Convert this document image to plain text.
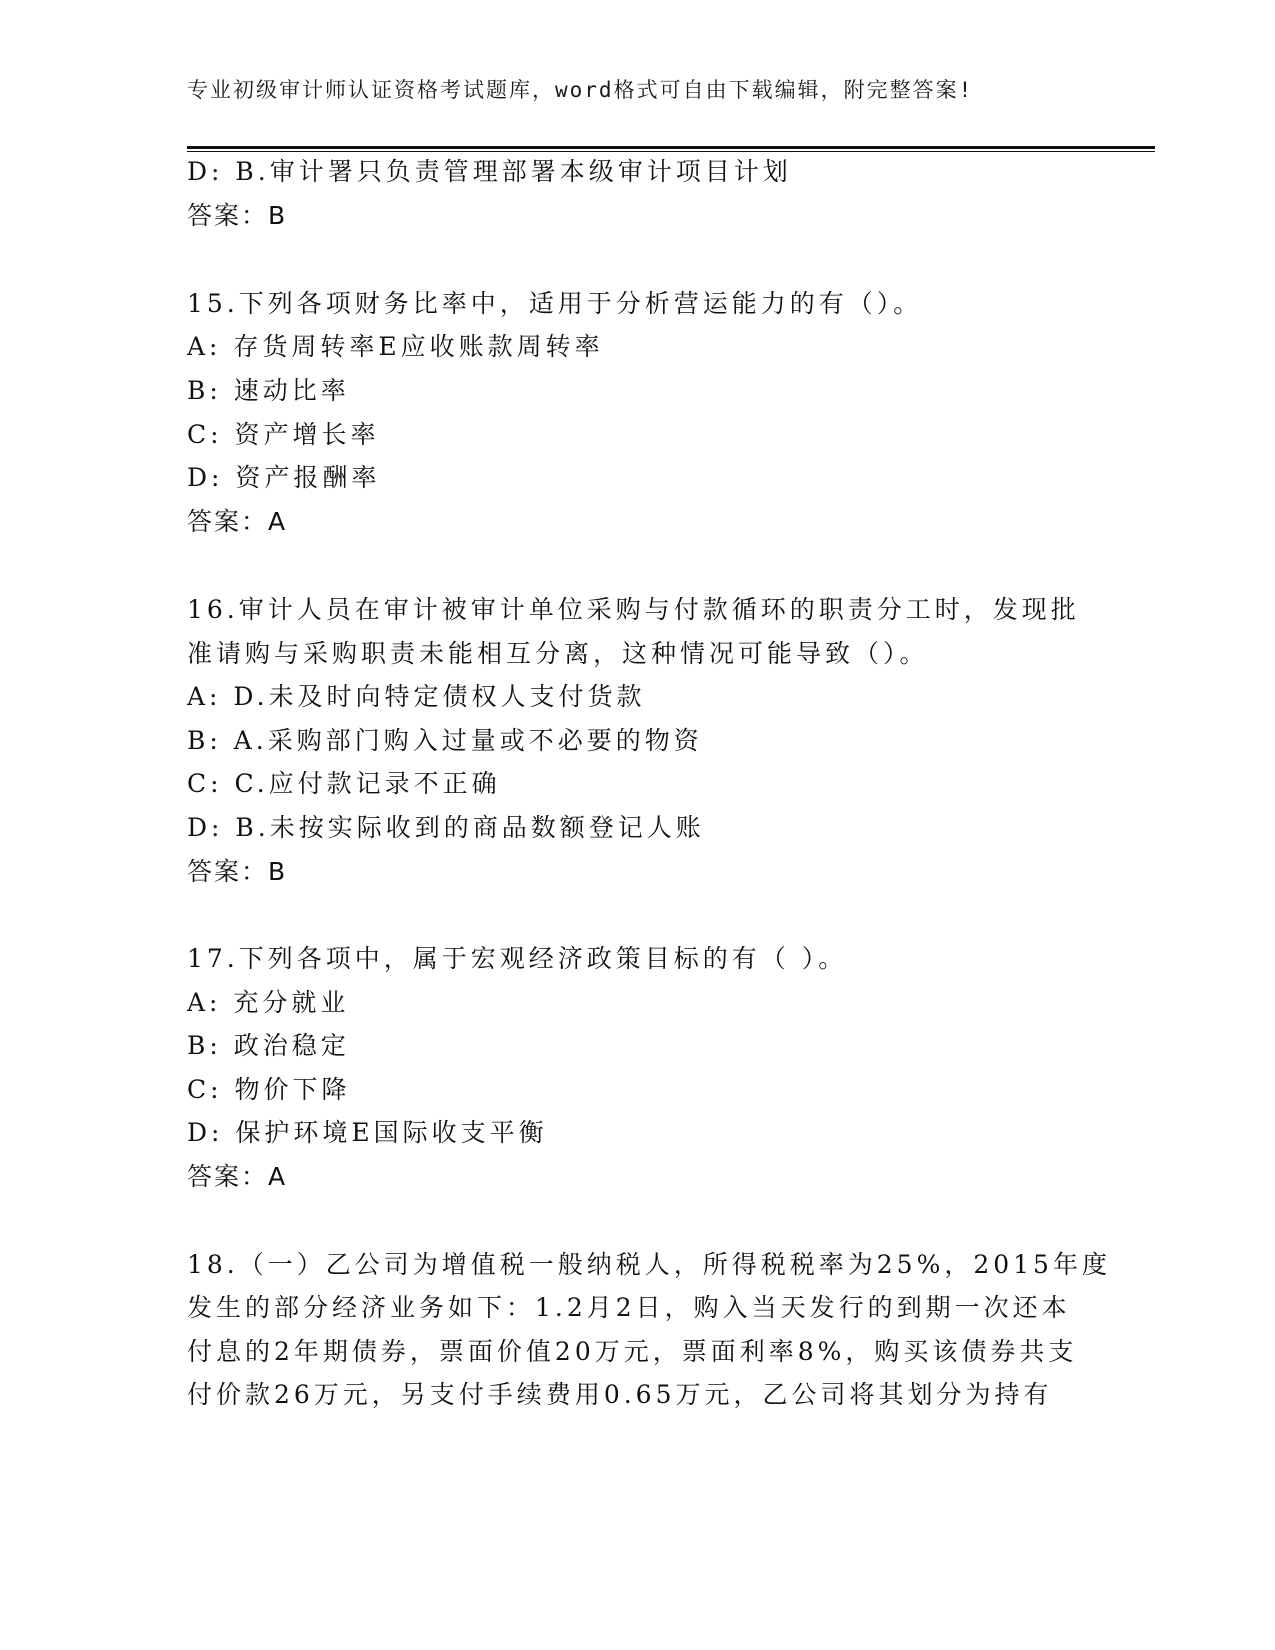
专业初级审计师认证资格考试题库，word格式可自由下载编辑，附完整答案!
D: B.审计署只负责管理部署本级审计项目计划
答案：B
15.下列各项财务比率中，适用于分析营运能力的有（）。
A: 存货周转率E应收账款周转率
B: 速动比率
C: 资产增长率
D: 资产报酬率
答案：A
16.审计人员在审计被审计单位采购与付款循环的职责分工时，发现批
准请购与采购职责未能相互分离，这种情况可能导致（）。
A: D.未及时向特定债权人支付货款
B: A.采购部门购入过量或不必要的物资
C: C.应付款记录不正确
D: B.未按实际收到的商品数额登记人账
答案：B
17.下列各项中，属于宏观经济政策目标的有（ ）。
A: 充分就业
B: 政治稳定
C: 物价下降
D: 保护环境E国际收支平衡
答案：A
18.（一）乙公司为增值税一般纳税人，所得税税率为25%，2015年度
发生的部分经济业务如下：1.2月2日，购入当天发行的到期一次还本
付息的2年期债券，票面价值20万元，票面利率8%，购买该债券共支
付价款26万元，另支付手续费用0.65万元，乙公司将其划分为持有
